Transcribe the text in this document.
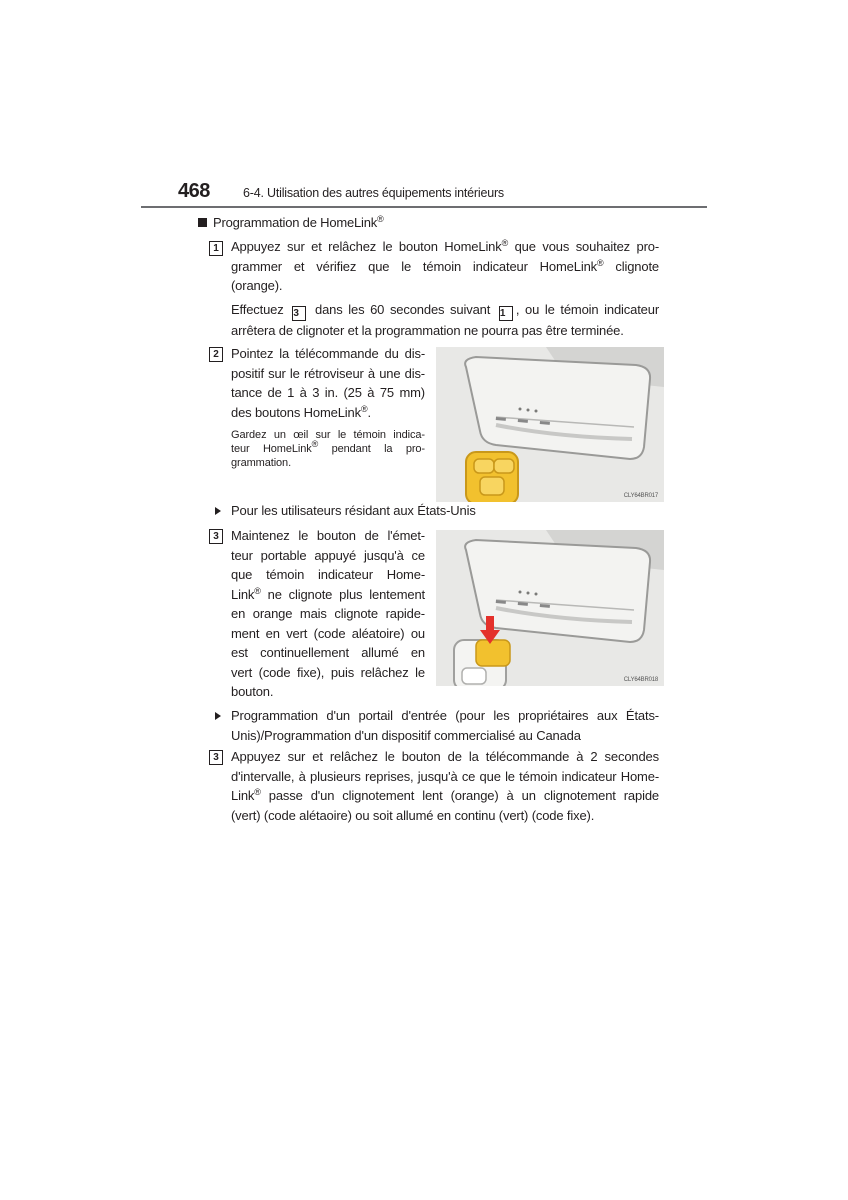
468	6-4. Utilisation des autres équipements intérieurs
Programmation de HomeLink®
1 Appuyez sur et relâchez le bouton HomeLink® que vous souhaitez pro-
grammer et vérifiez que le témoin indicateur HomeLink® clignote
(orange).
Effectuez 3 dans les 60 secondes suivant 1 , ou le témoin indicateur
arrêtera de clignoter et la programmation ne pourra pas être terminée.
2 Pointez la télécommande du dis-
positif sur le rétroviseur à une dis-
tance de 1 à 3 in. (25 à 75 mm)
des boutons HomeLink®.
Gardez un œil sur le témoin indica-
teur HomeLink® pendant la pro-
grammation.
CLY64BR017
Pour les utilisateurs résidant aux États-Unis
3 Maintenez le bouton de l'émet-
teur portable appuyé jusqu'à ce
que témoin indicateur Home-
Link® ne clignote plus lentement
en orange mais clignote rapide-
ment en vert (code aléatoire) ou
est continuellement allumé en
vert (code fixe), puis relâchez le
bouton.
CLY64BR018
Programmation d'un portail d'entrée (pour les propriétaires aux États-
Unis)/Programmation d'un dispositif commercialisé au Canada
3 Appuyez sur et relâchez le bouton de la télécommande à 2 secondes
d'intervalle, à plusieurs reprises, jusqu'à ce que le témoin indicateur Home-
Link® passe d'un clignotement lent (orange) à un clignotement rapide
(vert) (code alétaoire) ou soit allumé en continu (vert) (code fixe).
